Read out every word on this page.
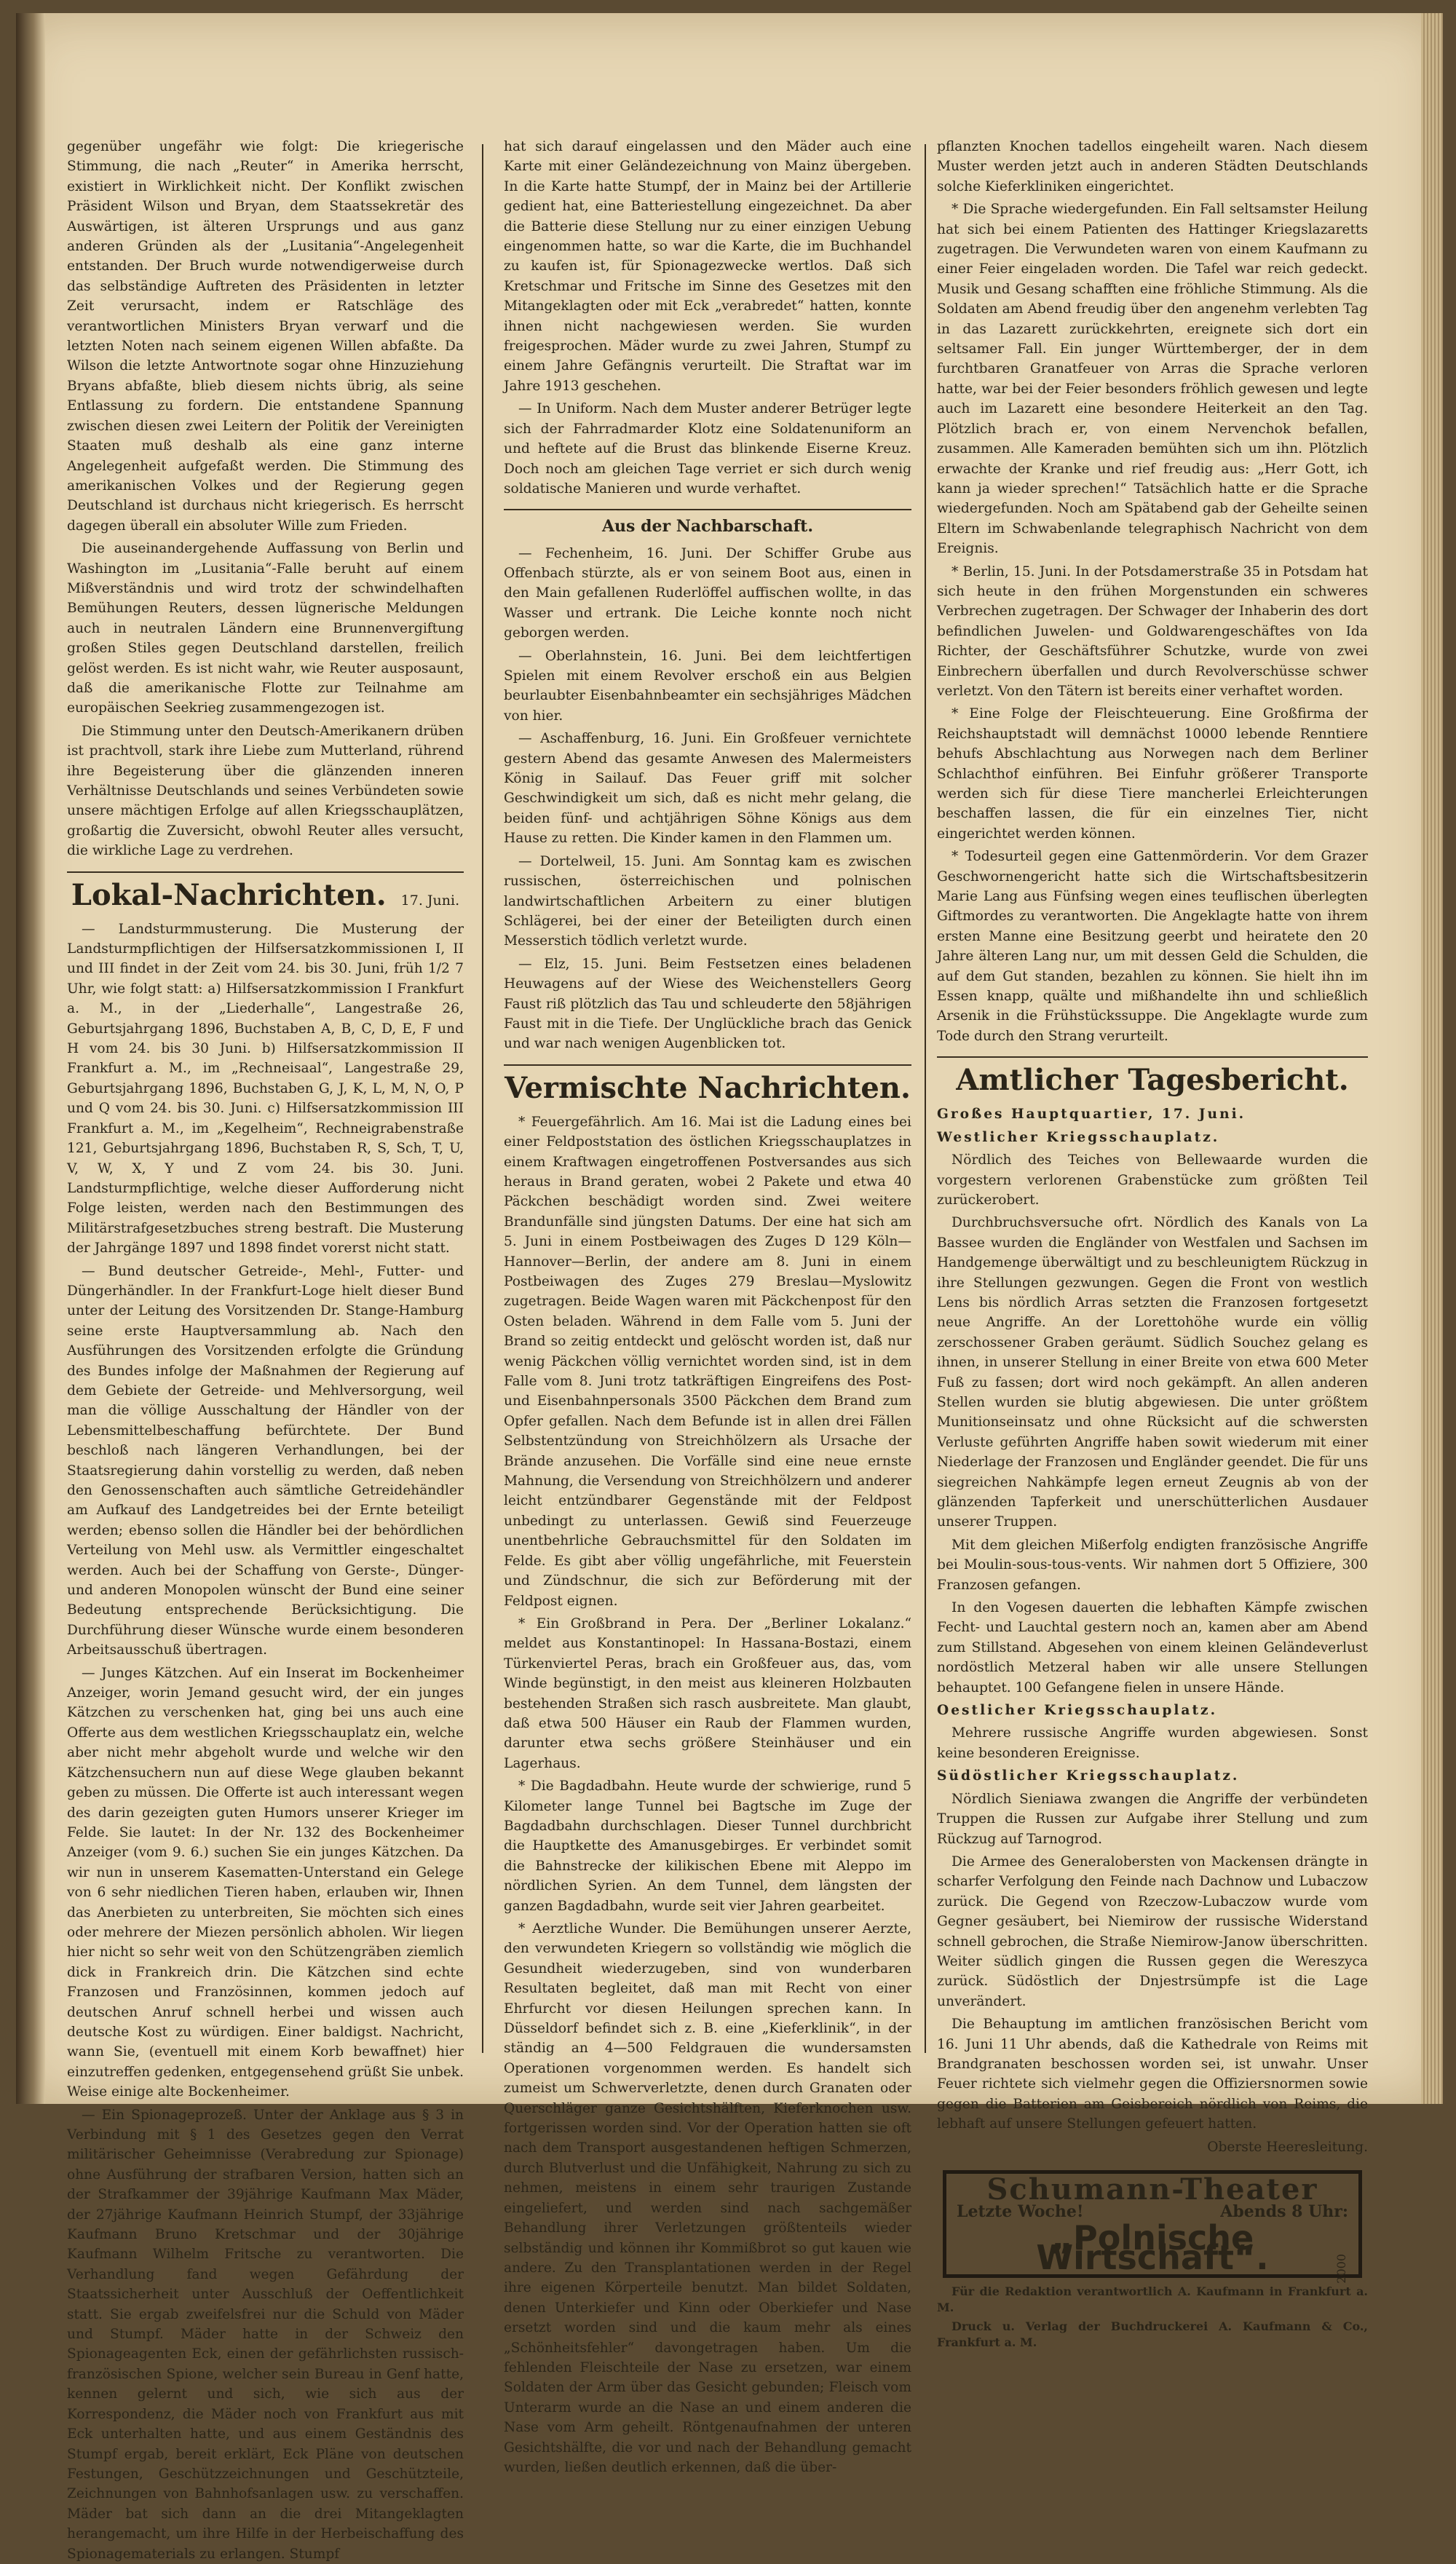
gegenüber ungefähr wie folgt: Die kriegerische Stimmung, die nach „Reuter“ in Amerika herrscht, existiert in Wirklichkeit nicht. Der Konflikt zwischen Präsident Wilson und Bryan, dem Staatssekretär des Auswärtigen, ist älteren Ursprungs und aus ganz anderen Gründen als der „Lusitania“-Angelegenheit entstanden. Der Bruch wurde notwendigerweise durch das selbständige Auftreten des Präsidenten in letzter Zeit verursacht, indem er Ratschläge des verantwortlichen Ministers Bryan verwarf und die letzten Noten nach seinem eigenen Willen abfaßte. Da Wilson die letzte Antwortnote sogar ohne Hinzuziehung Bryans abfaßte, blieb diesem nichts übrig, als seine Entlassung zu fordern. Die entstandene Spannung zwischen diesen zwei Leitern der Politik der Vereinigten Staaten muß deshalb als eine ganz interne Angelegenheit aufgefaßt werden. Die Stimmung des amerikanischen Volkes und der Regierung gegen Deutschland ist durchaus nicht kriegerisch. Es herrscht dagegen überall ein absoluter Wille zum Frieden.

Die auseinandergehende Auffassung von Berlin und Washington im „Lusitania“-Falle beruht auf einem Mißverständnis und wird trotz der schwindelhaften Bemühungen Reuters, dessen lügnerische Meldungen auch in neutralen Ländern eine Brunnenvergiftung großen Stiles gegen Deutschland darstellen, freilich gelöst werden. Es ist nicht wahr, wie Reuter ausposaunt, daß die amerikanische Flotte zur Teilnahme am europäischen Seekrieg zusammengezogen ist.

Die Stimmung unter den Deutsch-Amerikanern drüben ist prachtvoll, stark ihre Liebe zum Mutterland, rührend ihre Begeisterung über die glänzenden inneren Verhältnisse Deutschlands und seines Verbündeten sowie unsere mächtigen Erfolge auf allen Kriegsschauplätzen, großartig die Zuversicht, obwohl Reuter alles versucht, die wirkliche Lage zu verdrehen.

Lokal-Nachrichten. 17. Juni.

— Landsturmmusterung. Die Musterung der Landsturmpflichtigen der Hilfsersatzkommissionen I, II und III findet in der Zeit vom 24. bis 30. Juni, früh 1/2 7 Uhr, wie folgt statt: a) Hilfsersatzkommission I Frankfurt a. M., in der „Liederhalle“, Langestraße 26, Geburtsjahrgang 1896, Buchstaben A, B, C, D, E, F und H vom 24. bis 30 Juni. b) Hilfsersatzkommission II Frankfurt a. M., im „Rechneisaal“, Langestraße 29, Geburtsjahrgang 1896, Buchstaben G, J, K, L, M, N, O, P und Q vom 24. bis 30. Juni. c) Hilfsersatzkommission III Frankfurt a. M., im „Kegelheim“, Rechneigrabenstraße 121, Geburtsjahrgang 1896, Buchstaben R, S, Sch, T, U, V, W, X, Y und Z vom 24. bis 30. Juni. Landsturmpflichtige, welche dieser Aufforderung nicht Folge leisten, werden nach den Bestimmungen des Militärstrafgesetzbuches streng bestraft. Die Musterung der Jahrgänge 1897 und 1898 findet vorerst nicht statt.

— Bund deutscher Getreide-, Mehl-, Futter- und Düngerhändler. In der Frankfurt-Loge hielt dieser Bund unter der Leitung des Vorsitzenden Dr. Stange-Hamburg seine erste Hauptversammlung ab. Nach den Ausführungen des Vorsitzenden erfolgte die Gründung des Bundes infolge der Maßnahmen der Regierung auf dem Gebiete der Getreide- und Mehlversorgung, weil man die völlige Ausschaltung der Händler von der Lebensmittelbeschaffung befürchtete. Der Bund beschloß nach längeren Verhandlungen, bei der Staatsregierung dahin vorstellig zu werden, daß neben den Genossenschaften auch sämtliche Getreidehändler am Aufkauf des Landgetreides bei der Ernte beteiligt werden; ebenso sollen die Händler bei der behördlichen Verteilung von Mehl usw. als Vermittler eingeschaltet werden. Auch bei der Schaffung von Gerste-, Dünger- und anderen Monopolen wünscht der Bund eine seiner Bedeutung entsprechende Berücksichtigung. Die Durchführung dieser Wünsche wurde einem besonderen Arbeitsausschuß übertragen.

— Junges Kätzchen. Auf ein Inserat im Bockenheimer Anzeiger, worin Jemand gesucht wird, der ein junges Kätzchen zu verschenken hat, ging bei uns auch eine Offerte aus dem westlichen Kriegsschauplatz ein, welche aber nicht mehr abgeholt wurde und welche wir den Kätzchensuchern nun auf diese Wege glauben bekannt geben zu müssen. Die Offerte ist auch interessant wegen des darin gezeigten guten Humors unserer Krieger im Felde. Sie lautet: In der Nr. 132 des Bockenheimer Anzeiger (vom 9. 6.) suchen Sie ein junges Kätzchen. Da wir nun in unserem Kasematten-Unterstand ein Gelege von 6 sehr niedlichen Tieren haben, erlauben wir, Ihnen das Anerbieten zu unterbreiten, Sie möchten sich eines oder mehrere der Miezen persönlich abholen. Wir liegen hier nicht so sehr weit von den Schützengräben ziemlich dick in Frankreich drin. Die Kätzchen sind echte Franzosen und Französinnen, kommen jedoch auf deutschen Anruf schnell herbei und wissen auch deutsche Kost zu würdigen. Einer baldigst. Nachricht, wann Sie, (eventuell mit einem Korb bewaffnet) hier einzutreffen gedenken, entgegensehend grüßt Sie unbek. Weise einige alte Bockenheimer.

— Ein Spionageprozeß. Unter der Anklage aus § 3 in Verbindung mit § 1 des Gesetzes gegen den Verrat militärischer Geheimnisse (Verabredung zur Spionage) ohne Ausführung der strafbaren Version, hatten sich an der Strafkammer der 39jährige Kaufmann Max Mäder, der 27jährige Kaufmann Heinrich Stumpf, der 33jährige Kaufmann Bruno Kretschmar und der 30jährige Kaufmann Wilhelm Fritsche zu verantworten. Die Verhandlung fand wegen Gefährdung der Staatssicherheit unter Ausschluß der Oeffentlichkeit statt. Sie ergab zweifelsfrei nur die Schuld von Mäder und Stumpf. Mäder hatte in der Schweiz den Spionageagenten Eck, einen der gefährlichsten russisch-französischen Spione, welcher sein Bureau in Genf hatte, kennen gelernt und sich, wie sich aus der Korrespondenz, die Mäder noch von Frankfurt aus mit Eck unterhalten hatte, und aus einem Geständnis des Stumpf ergab, bereit erklärt, Eck Pläne von deutschen Festungen, Geschützzeichnungen und Geschützteile, Zeichnungen von Bahnhofsanlagen usw. zu verschaffen. Mäder bat sich dann an die drei Mitangeklagten herangemacht, um ihre Hilfe in der Herbeischaffung des Spionagematerials zu erlangen. Stumpf

hat sich darauf eingelassen und den Mäder auch eine Karte mit einer Geländezeichnung von Mainz übergeben. In die Karte hatte Stumpf, der in Mainz bei der Artillerie gedient hat, eine Batteriestellung eingezeichnet. Da aber die Batterie diese Stellung nur zu einer einzigen Uebung eingenommen hatte, so war die Karte, die im Buchhandel zu kaufen ist, für Spionagezwecke wertlos. Daß sich Kretschmar und Fritsche im Sinne des Gesetzes mit den Mitangeklagten oder mit Eck „verabredet“ hatten, konnte ihnen nicht nachgewiesen werden. Sie wurden freigesprochen. Mäder wurde zu zwei Jahren, Stumpf zu einem Jahre Gefängnis verurteilt. Die Straftat war im Jahre 1913 geschehen.

— In Uniform. Nach dem Muster anderer Betrüger legte sich der Fahrradmarder Klotz eine Soldatenuniform an und heftete auf die Brust das blinkende Eiserne Kreuz. Doch noch am gleichen Tage verriet er sich durch wenig soldatische Manieren und wurde verhaftet.

Aus der Nachbarschaft.

— Fechenheim, 16. Juni. Der Schiffer Grube aus Offenbach stürzte, als er von seinem Boot aus, einen in den Main gefallenen Ruderlöffel auffischen wollte, in das Wasser und ertrank. Die Leiche konnte noch nicht geborgen werden.

— Oberlahnstein, 16. Juni. Bei dem leichtfertigen Spielen mit einem Revolver erschoß ein aus Belgien beurlaubter Eisenbahnbeamter ein sechsjähriges Mädchen von hier.

— Aschaffenburg, 16. Juni. Ein Großfeuer vernichtete gestern Abend das gesamte Anwesen des Malermeisters König in Sailauf. Das Feuer griff mit solcher Geschwindigkeit um sich, daß es nicht mehr gelang, die beiden fünf- und achtjährigen Söhne Königs aus dem Hause zu retten. Die Kinder kamen in den Flammen um.

— Dortelweil, 15. Juni. Am Sonntag kam es zwischen russischen, österreichischen und polnischen landwirtschaftlichen Arbeitern zu einer blutigen Schlägerei, bei der einer der Beteiligten durch einen Messerstich tödlich verletzt wurde.

— Elz, 15. Juni. Beim Festsetzen eines beladenen Heuwagens auf der Wiese des Weichenstellers Georg Faust riß plötzlich das Tau und schleuderte den 58jährigen Faust mit in die Tiefe. Der Unglückliche brach das Genick und war nach wenigen Augenblicken tot.

Vermischte Nachrichten.

* Feuergefährlich. Am 16. Mai ist die Ladung eines bei einer Feldpoststation des östlichen Kriegsschauplatzes in einem Kraftwagen eingetroffenen Postversandes aus sich heraus in Brand geraten, wobei 2 Pakete und etwa 40 Päckchen beschädigt worden sind. Zwei weitere Brandunfälle sind jüngsten Datums. Der eine hat sich am 5. Juni in einem Postbeiwagen des Zuges D 129 Köln—Hannover—Berlin, der andere am 8. Juni in einem Postbeiwagen des Zuges 279 Breslau—Myslowitz zugetragen. Beide Wagen waren mit Päckchenpost für den Osten beladen. Während in dem Falle vom 5. Juni der Brand so zeitig entdeckt und gelöscht worden ist, daß nur wenig Päckchen völlig vernichtet worden sind, ist in dem Falle vom 8. Juni trotz tatkräftigen Eingreifens des Post- und Eisenbahnpersonals 3500 Päckchen dem Brand zum Opfer gefallen. Nach dem Befunde ist in allen drei Fällen Selbstentzündung von Streichhölzern als Ursache der Brände anzusehen. Die Vorfälle sind eine neue ernste Mahnung, die Versendung von Streichhölzern und anderer leicht entzündbarer Gegenstände mit der Feldpost unbedingt zu unterlassen. Gewiß sind Feuerzeuge unentbehrliche Gebrauchsmittel für den Soldaten im Felde. Es gibt aber völlig ungefährliche, mit Feuerstein und Zündschnur, die sich zur Beförderung mit der Feldpost eignen.

* Ein Großbrand in Pera. Der „Berliner Lokalanz.“ meldet aus Konstantinopel: In Hassana-Bostazi, einem Türkenviertel Peras, brach ein Großfeuer aus, das, vom Winde begünstigt, in den meist aus kleineren Holzbauten bestehenden Straßen sich rasch ausbreitete. Man glaubt, daß etwa 500 Häuser ein Raub der Flammen wurden, darunter etwa sechs größere Steinhäuser und ein Lagerhaus.

* Die Bagdadbahn. Heute wurde der schwierige, rund 5 Kilometer lange Tunnel bei Bagtsche im Zuge der Bagdadbahn durchschlagen. Dieser Tunnel durchbricht die Hauptkette des Amanusgebirges. Er verbindet somit die Bahnstrecke der kilikischen Ebene mit Aleppo im nördlichen Syrien. An dem Tunnel, dem längsten der ganzen Bagdadbahn, wurde seit vier Jahren gearbeitet.

* Aerztliche Wunder. Die Bemühungen unserer Aerzte, den verwundeten Kriegern so vollständig wie möglich die Gesundheit wiederzugeben, sind von wunderbaren Resultaten begleitet, daß man mit Recht von einer Ehrfurcht vor diesen Heilungen sprechen kann. In Düsseldorf befindet sich z. B. eine „Kieferklinik“, in der ständig an 4—500 Feldgrauen die wundersamsten Operationen vorgenommen werden. Es handelt sich zumeist um Schwerverletzte, denen durch Granaten oder Querschläger ganze Gesichtshälften, Kieferknochen usw. fortgerissen worden sind. Vor der Operation hatten sie oft nach dem Transport ausgestandenen heftigen Schmerzen, durch Blutverlust und die Unfähigkeit, Nahrung zu sich zu nehmen, meistens in einem sehr traurigen Zustande eingeliefert, und werden sind nach sachgemäßer Behandlung ihrer Verletzungen größtenteils wieder selbständig und können ihr Kommißbrot so gut kauen wie andere. Zu den Transplantationen werden in der Regel ihre eigenen Körperteile benutzt. Man bildet Soldaten, denen Unterkiefer und Kinn oder Oberkiefer und Nase ersetzt worden sind und die kaum mehr als eines „Schönheitsfehler“ davongetragen haben. Um die fehlenden Fleischteile der Nase zu ersetzen, war einem Soldaten der Arm über das Gesicht gebunden; Fleisch vom Unterarm wurde an die Nase an und einem anderen die Nase vom Arm geheilt. Röntgenaufnahmen der unteren Gesichtshälfte, die vor und nach der Behandlung gemacht wurden, ließen deutlich erkennen, daß die über-

pflanzten Knochen tadellos eingeheilt waren. Nach diesem Muster werden jetzt auch in anderen Städten Deutschlands solche Kieferkliniken eingerichtet.

* Die Sprache wiedergefunden. Ein Fall seltsamster Heilung hat sich bei einem Patienten des Hattinger Kriegslazaretts zugetragen. Die Verwundeten waren von einem Kaufmann zu einer Feier eingeladen worden. Die Tafel war reich gedeckt. Musik und Gesang schafften eine fröhliche Stimmung. Als die Soldaten am Abend freudig über den angenehm verlebten Tag in das Lazarett zurückkehrten, ereignete sich dort ein seltsamer Fall. Ein junger Württemberger, der in dem furchtbaren Granatfeuer von Arras die Sprache verloren hatte, war bei der Feier besonders fröhlich gewesen und legte auch im Lazarett eine besondere Heiterkeit an den Tag. Plötzlich brach er, von einem Nervenchok befallen, zusammen. Alle Kameraden bemühten sich um ihn. Plötzlich erwachte der Kranke und rief freudig aus: „Herr Gott, ich kann ja wieder sprechen!“ Tatsächlich hatte er die Sprache wiedergefunden. Noch am Spätabend gab der Geheilte seinen Eltern im Schwabenlande telegraphisch Nachricht von dem Ereignis.

* Berlin, 15. Juni. In der Potsdamerstraße 35 in Potsdam hat sich heute in den frühen Morgenstunden ein schweres Verbrechen zugetragen. Der Schwager der Inhaberin des dort befindlichen Juwelen- und Goldwarengeschäftes von Ida Richter, der Geschäftsführer Schutzke, wurde von zwei Einbrechern überfallen und durch Revolverschüsse schwer verletzt. Von den Tätern ist bereits einer verhaftet worden.

* Eine Folge der Fleischteuerung. Eine Großfirma der Reichshauptstadt will demnächst 10000 lebende Renntiere behufs Abschlachtung aus Norwegen nach dem Berliner Schlachthof einführen. Bei Einfuhr größerer Transporte werden sich für diese Tiere mancherlei Erleichterungen beschaffen lassen, die für ein einzelnes Tier, nicht eingerichtet werden können.

* Todesurteil gegen eine Gattenmörderin. Vor dem Grazer Geschwornengericht hatte sich die Wirtschaftsbesitzerin Marie Lang aus Fünfsing wegen eines teuflischen überlegten Giftmordes zu verantworten. Die Angeklagte hatte von ihrem ersten Manne eine Besitzung geerbt und heiratete den 20 Jahre älteren Lang nur, um mit dessen Geld die Schulden, die auf dem Gut standen, bezahlen zu können. Sie hielt ihn im Essen knapp, quälte und mißhandelte ihn und schließlich Arsenik in die Frühstückssuppe. Die Angeklagte wurde zum Tode durch den Strang verurteilt.

Amtlicher Tagesbericht.

Großes Hauptquartier, 17. Juni.

Westlicher Kriegsschauplatz.

Nördlich des Teiches von Bellewaarde wurden die vorgestern verlorenen Grabenstücke zum größten Teil zurückerobert.

Durchbruchsversuche ofrt. Nördlich des Kanals von La Bassee wurden die Engländer von Westfalen und Sachsen im Handgemenge überwältigt und zu beschleunigtem Rückzug in ihre Stellungen gezwungen. Gegen die Front von westlich Lens bis nördlich Arras setzten die Franzosen fortgesetzt neue Angriffe. An der Lorettohöhe wurde ein völlig zerschossener Graben geräumt. Südlich Souchez gelang es ihnen, in unserer Stellung in einer Breite von etwa 600 Meter Fuß zu fassen; dort wird noch gekämpft. An allen anderen Stellen wurden sie blutig abgewiesen. Die unter größtem Munitionseinsatz und ohne Rücksicht auf die schwersten Verluste geführten Angriffe haben sowit wiederum mit einer Niederlage der Franzosen und Engländer geendet. Die für uns siegreichen Nahkämpfe legen erneut Zeugnis ab von der glänzenden Tapferkeit und unerschütterlichen Ausdauer unserer Truppen.

Mit dem gleichen Mißerfolg endigten französische Angriffe bei Moulin-sous-tous-vents. Wir nahmen dort 5 Offiziere, 300 Franzosen gefangen.

In den Vogesen dauerten die lebhaften Kämpfe zwischen Fecht- und Lauchtal gestern noch an, kamen aber am Abend zum Stillstand. Abgesehen von einem kleinen Geländeverlust nordöstlich Metzeral haben wir alle unsere Stellungen behauptet. 100 Gefangene fielen in unsere Hände.

Oestlicher Kriegsschauplatz.

Mehrere russische Angriffe wurden abgewiesen. Sonst keine besonderen Ereignisse.

Südöstlicher Kriegsschauplatz.

Nördlich Sieniawa zwangen die Angriffe der verbündeten Truppen die Russen zur Aufgabe ihrer Stellung und zum Rückzug auf Tarnogrod.

Die Armee des Generalobersten von Mackensen drängte in scharfer Verfolgung den Feinde nach Dachnow und Lubaczow zurück. Die Gegend von Rzeczow-Lubaczow wurde vom Gegner gesäubert, bei Niemirow der russische Widerstand schnell gebrochen, die Straße Niemirow-Janow überschritten. Weiter südlich gingen die Russen gegen die Wereszyca zurück. Südöstlich der Dnjestrsümpfe ist die Lage unverändert.

Die Behauptung im amtlichen französischen Bericht vom 16. Juni 11 Uhr abends, daß die Kathedrale von Reims mit Brandgranaten beschossen worden sei, ist unwahr. Unser Feuer richtete sich vielmehr gegen die Offiziersnormen sowie gegen die Batterien am Geisbereich nördlich von Reims, die lebhaft auf unsere Stellungen gefeuert hatten.

Oberste Heeresleitung.

Schumann-Theater
Letzte Woche!	Abends 8 Uhr:
„Polnische Wirtschaft“.	2000

Für die Redaktion verantwortlich A. Kaufmann in Frankfurt a. M.

Druck u. Verlag der Buchdruckerei A. Kaufmann & Co., Frankfurt a. M.
